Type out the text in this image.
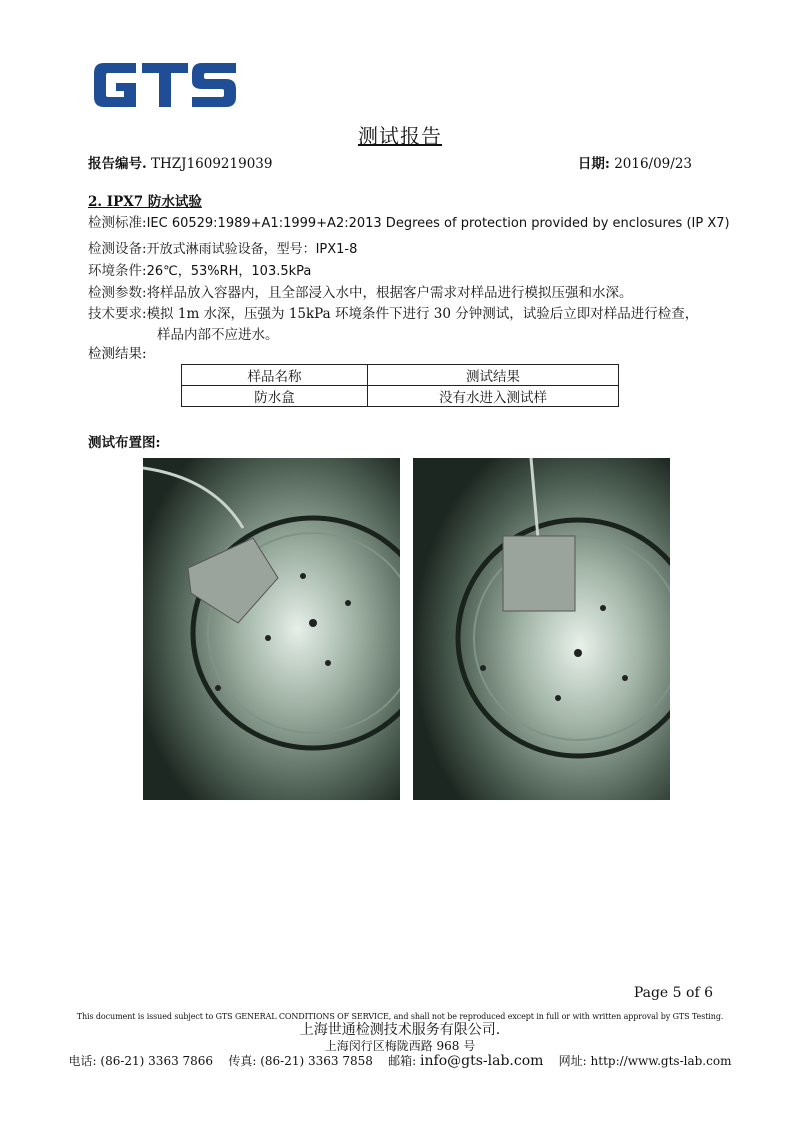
测试报告
报告编号. THZJ1609219039	日期: 2016/09/23
2. IPX7 防水试验
检测标准:IEC 60529:1989+A1:1999+A2:2013 Degrees of protection provided by enclosures (IP X7)
检测设备:开放式淋雨试验设备，型号：IPX1-8
环境条件:26℃，53%RH，103.5kPa
检测参数:将样品放入容器内，且全部浸入水中，根据客户需求对样品进行模拟压强和水深。
技术要求:模拟 1m 水深，压强为 15kPa 环境条件下进行 30 分钟测试，试验后立即对样品进行检查，
样品内部不应进水。
检测结果:
样品名称	测试结果
防水盒	没有水进入测试样
测试布置图:
Page 5 of 6
This document is issued subject to GTS GENERAL CONDITIONS OF SERVICE, and shall not be reproduced except in full or with written approval by GTS Testing.
上海世通检测技术服务有限公司.
上海闵行区梅陇西路 968 号
电话: (86-21) 3363 7866 传真: (86-21) 3363 7858 邮箱: info@gts-lab.com 网址: http://www.gts-lab.com
